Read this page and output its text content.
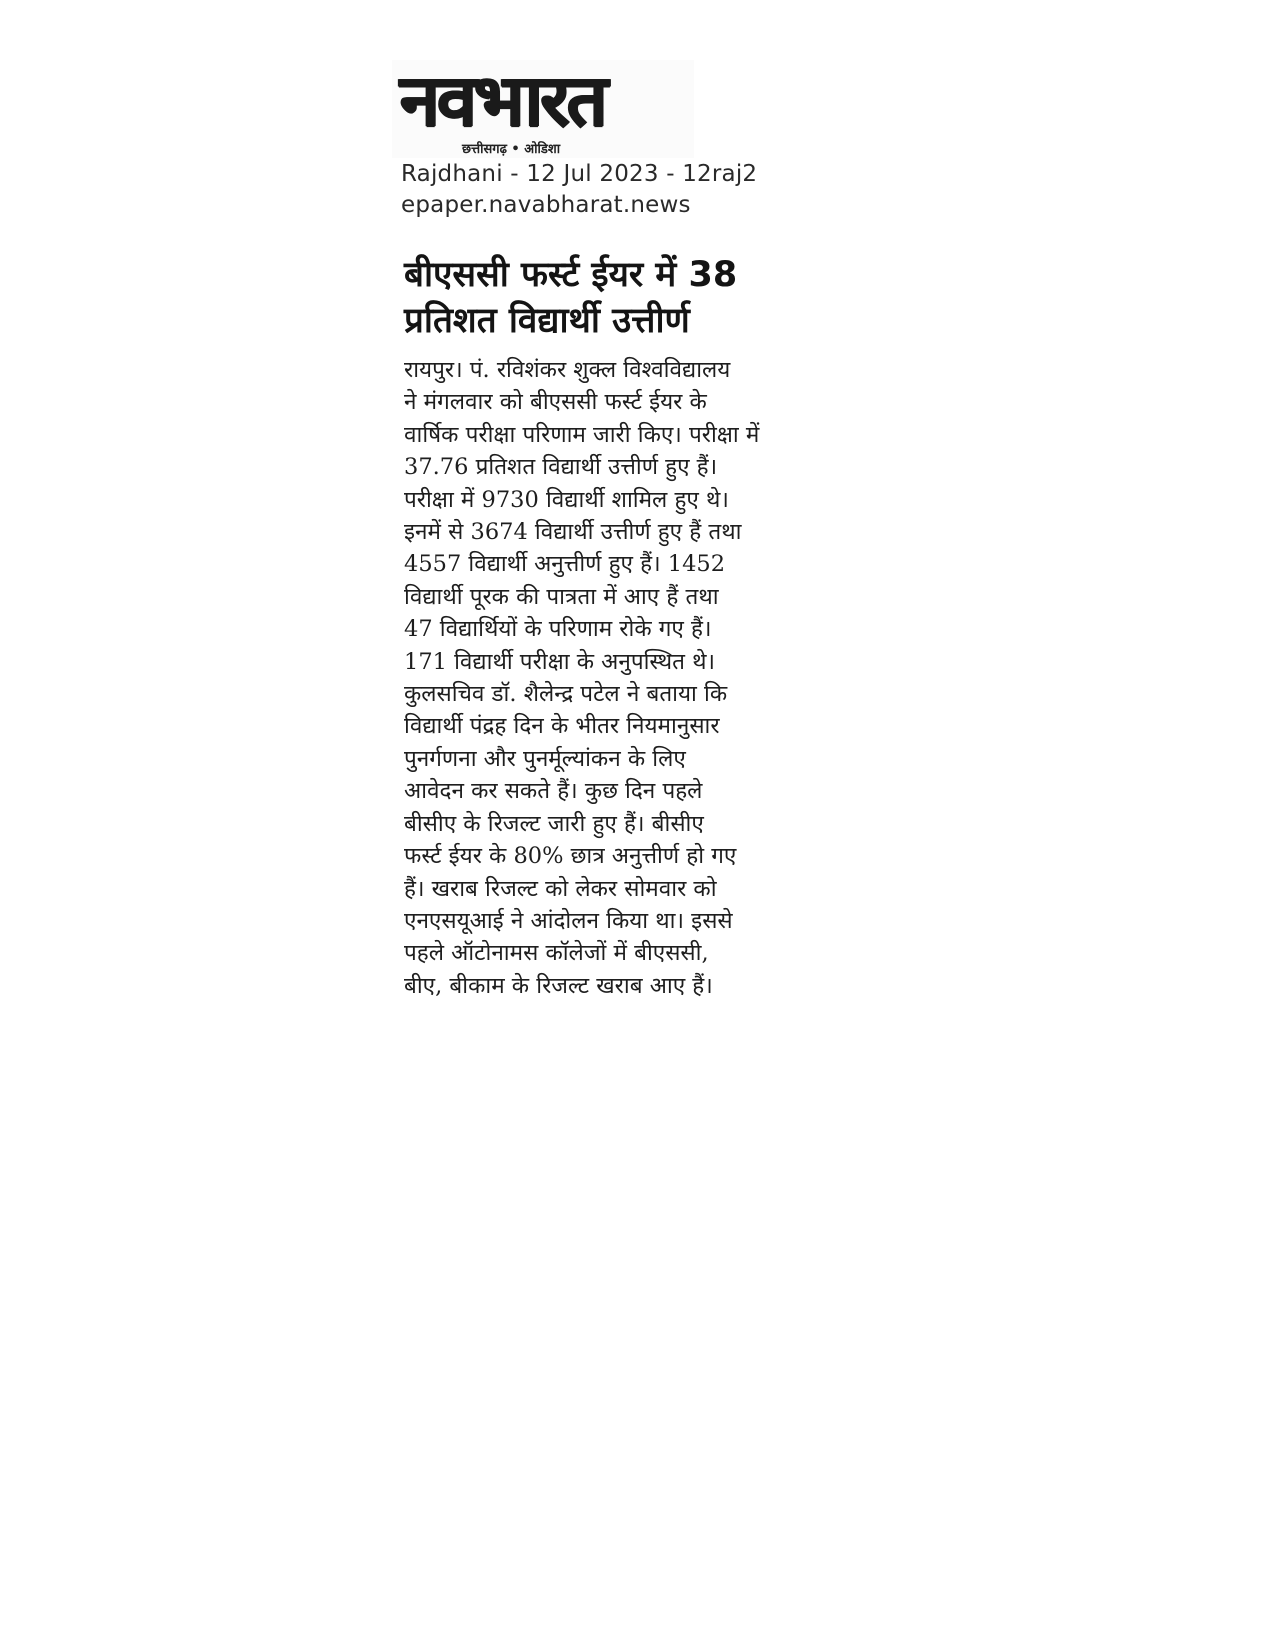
नवभारत
छत्तीसगढ़ • ओडिशा
Rajdhani - 12 Jul 2023 - 12raj2
epaper.navabharat.news
बीएससी फर्स्ट ईयर में 38
प्रतिशत विद्यार्थी उत्तीर्ण
रायपुर। पं. रविशंकर शुक्ल विश्वविद्यालय
ने मंगलवार को बीएससी फर्स्ट ईयर के
वार्षिक परीक्षा परिणाम जारी किए। परीक्षा में
37.76 प्रतिशत विद्यार्थी उत्तीर्ण हुए हैं।
परीक्षा में 9730 विद्यार्थी शामिल हुए थे।
इनमें से 3674 विद्यार्थी उत्तीर्ण हुए हैं तथा
4557 विद्यार्थी अनुत्तीर्ण हुए हैं। 1452
विद्यार्थी पूरक की पात्रता में आए हैं तथा
47 विद्यार्थियों के परिणाम रोके गए हैं।
171 विद्यार्थी परीक्षा के अनुपस्थित थे।
कुलसचिव डॉ. शैलेन्द्र पटेल ने बताया कि
विद्यार्थी पंद्रह दिन के भीतर नियमानुसार
पुनर्गणना और पुनर्मूल्यांकन के लिए
आवेदन कर सकते हैं। कुछ दिन पहले
बीसीए के रिजल्ट जारी हुए हैं। बीसीए
फर्स्ट ईयर के 80% छात्र अनुत्तीर्ण हो गए
हैं। खराब रिजल्ट को लेकर सोमवार को
एनएसयूआई ने आंदोलन किया था। इससे
पहले ऑटोनामस कॉलेजों में बीएससी,
बीए, बीकाम के रिजल्ट खराब आए हैं।
